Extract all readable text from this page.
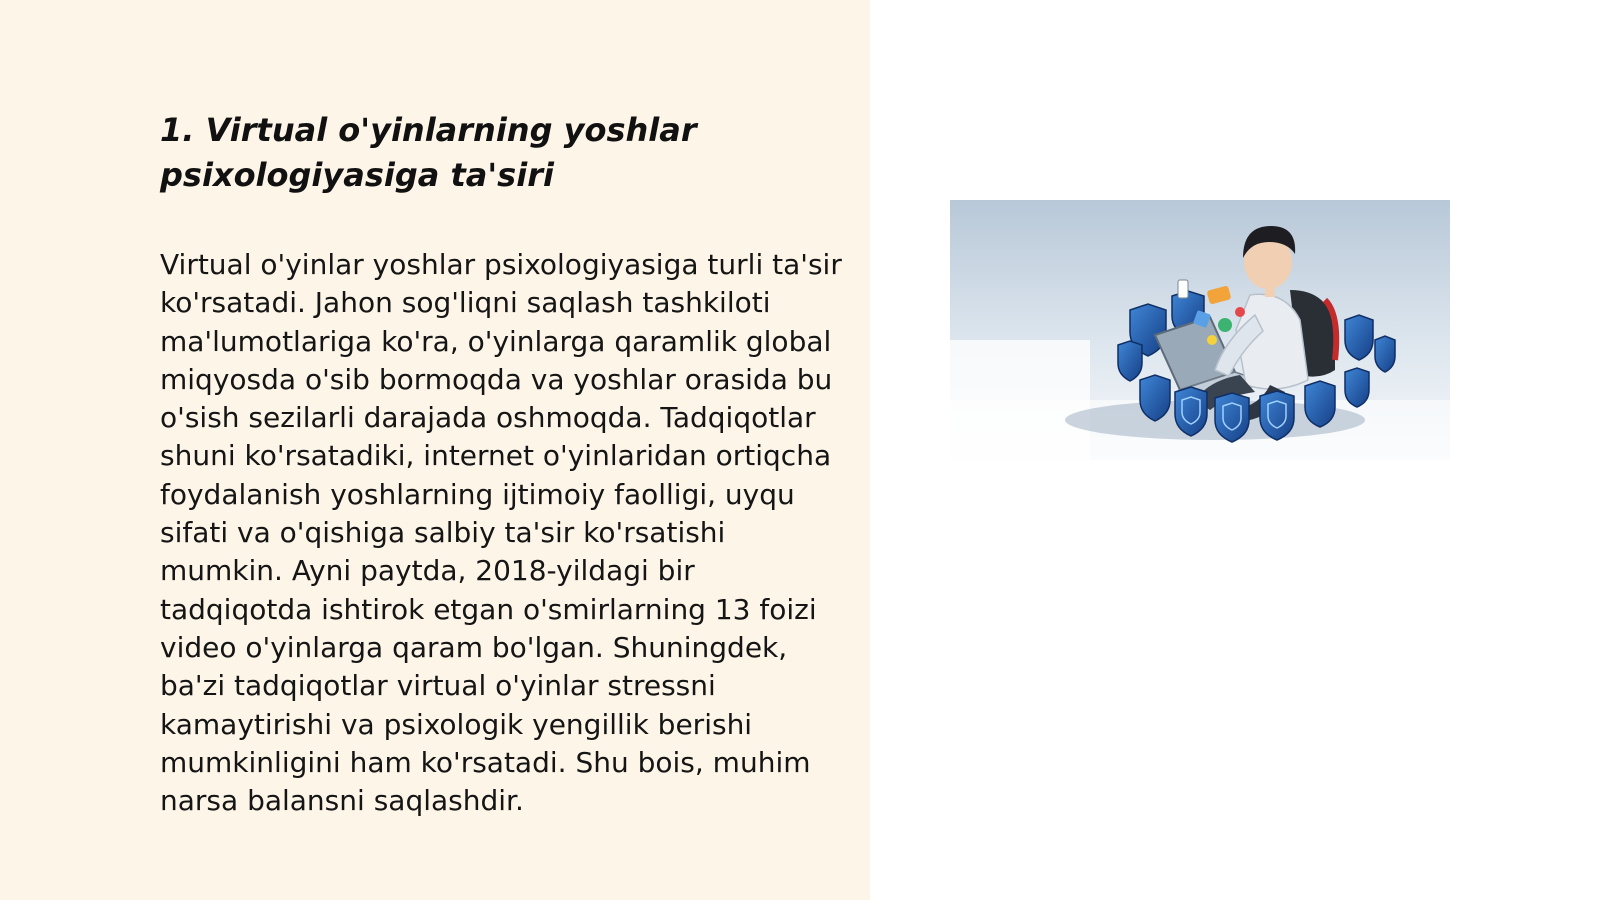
1. Virtual o'yinlarning yoshlar psixologiyasiga ta'siri

Virtual o'yinlar yoshlar psixologiyasiga turli ta'sir ko'rsatadi. Jahon sog'liqni saqlash tashkiloti ma'lumotlariga ko'ra, o'yinlarga qaramlik global miqyosda o'sib bormoqda va yoshlar orasida bu o'sish sezilarli darajada oshmoqda. Tadqiqotlar shuni ko'rsatadiki, internet o'yinlaridan ortiqcha foydalanish yoshlarning ijtimoiy faolligi, uyqu sifati va o'qishiga salbiy ta'sir ko'rsatishi mumkin. Ayni paytda, 2018-yildagi bir tadqiqotda ishtirok etgan o'smirlarning 13 foizi video o'yinlarga qaram bo'lgan. Shuningdek, ba'zi tadqiqotlar virtual o'yinlar stressni kamaytirishi va psixologik yengillik berishi mumkinligini ham ko'rsatadi. Shu bois, muhim narsa balansni saqlashdir.
